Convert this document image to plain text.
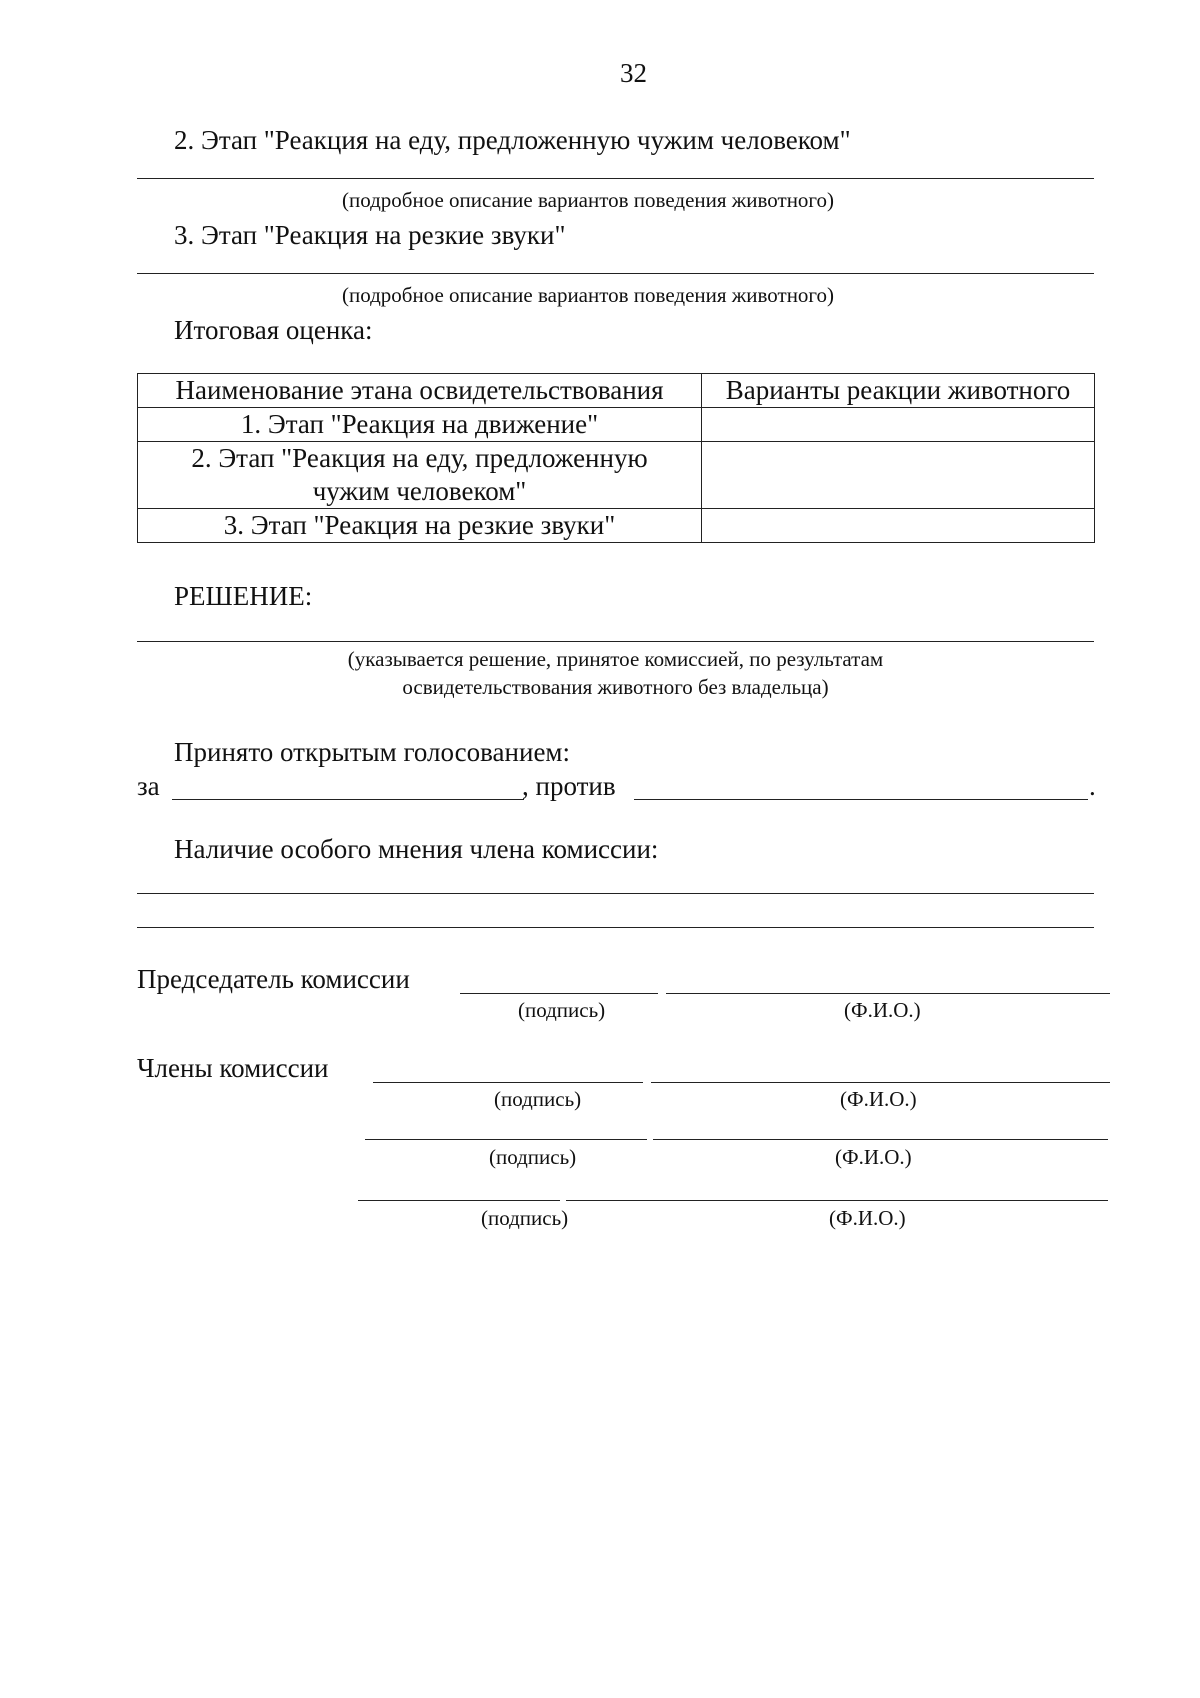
32
2. Этап "Реакция на еду, предложенную чужим человеком"
(подробное описание вариантов поведения животного)
3. Этап "Реакция на резкие звуки"
(подробное описание вариантов поведения животного)
Итоговая оценка:
Наименование этана освидетельствования	Варианты реакции животного
1. Этап "Реакция на движение"	
2. Этап "Реакция на еду, предложенную чужим человеком"	
3. Этап "Реакция на резкие звуки"	
РЕШЕНИЕ:
(указывается решение, принятое комиссией, по результатам
освидетельствования животного без владельца)
Принято открытым голосованием:
за	, против	.
Наличие особого мнения члена комиссии:
Председатель комиссии
(подпись)	(Ф.И.О.)
Члены комиссии
(подпись)	(Ф.И.О.)
(подпись)	(Ф.И.О.)
(подпись)	(Ф.И.О.)
